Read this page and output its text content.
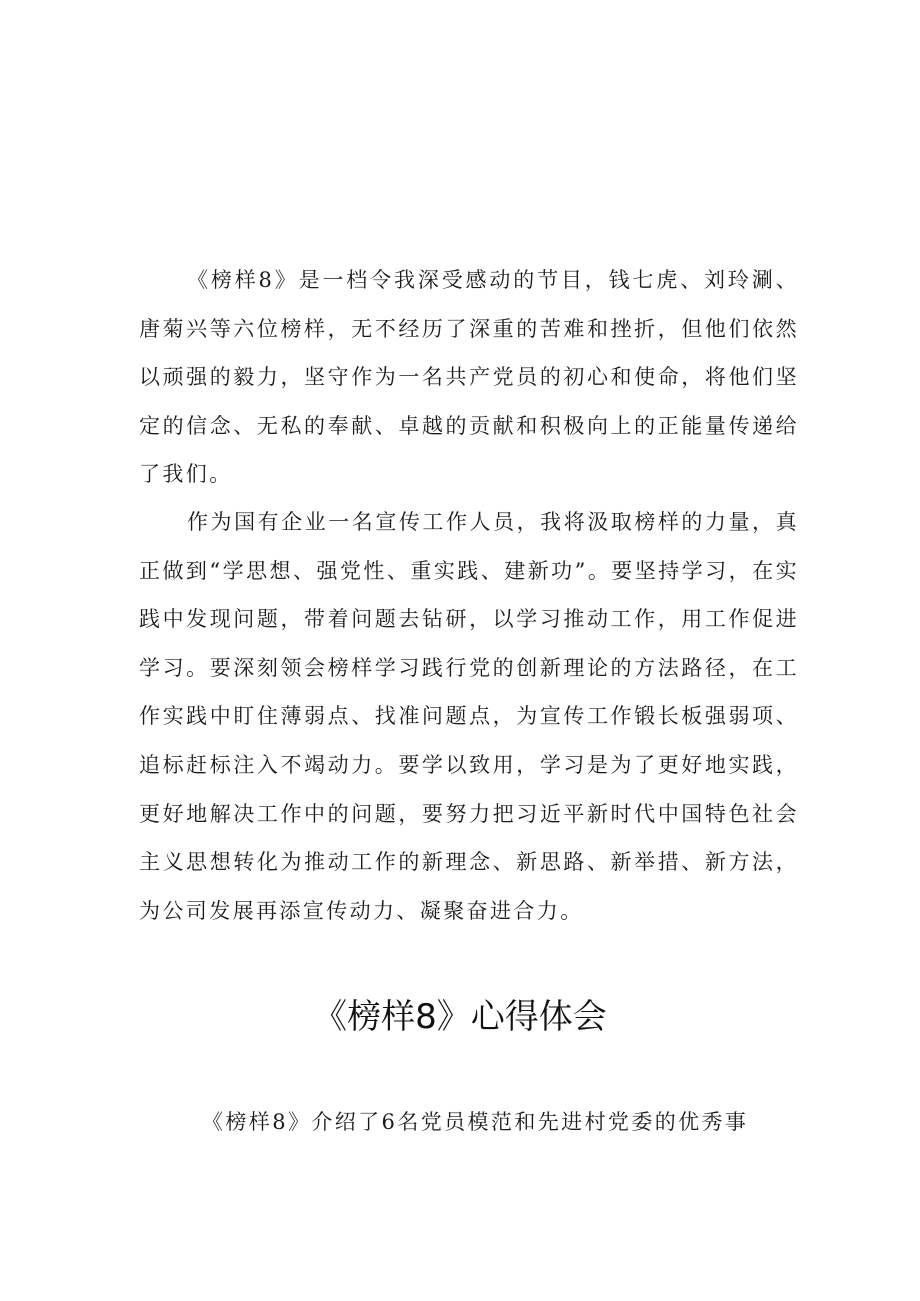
《榜样8》是一档令我深受感动的节目，钱七虎、刘玲涮、唐菊兴等六位榜样，无不经历了深重的苦难和挫折，但他们依然以顽强的毅力，坚守作为一名共产党员的初心和使命，将他们坚定的信念、无私的奉献、卓越的贡献和积极向上的正能量传递给了我们。

作为国有企业一名宣传工作人员，我将汲取榜样的力量，真正做到“学思想、强党性、重实践、建新功”。要坚持学习，在实践中发现问题，带着问题去钻研，以学习推动工作，用工作促进学习。要深刻领会榜样学习践行党的创新理论的方法路径，在工作实践中盯住薄弱点、找准问题点，为宣传工作锻长板强弱项、追标赶标注入不竭动力。要学以致用，学习是为了更好地实践，更好地解决工作中的问题，要努力把习近平新时代中国特色社会主义思想转化为推动工作的新理念、新思路、新举措、新方法，为公司发展再添宣传动力、凝聚奋进合力。

《榜样8》心得体会

《榜样8》介绍了6名党员模范和先进村党委的优秀事
